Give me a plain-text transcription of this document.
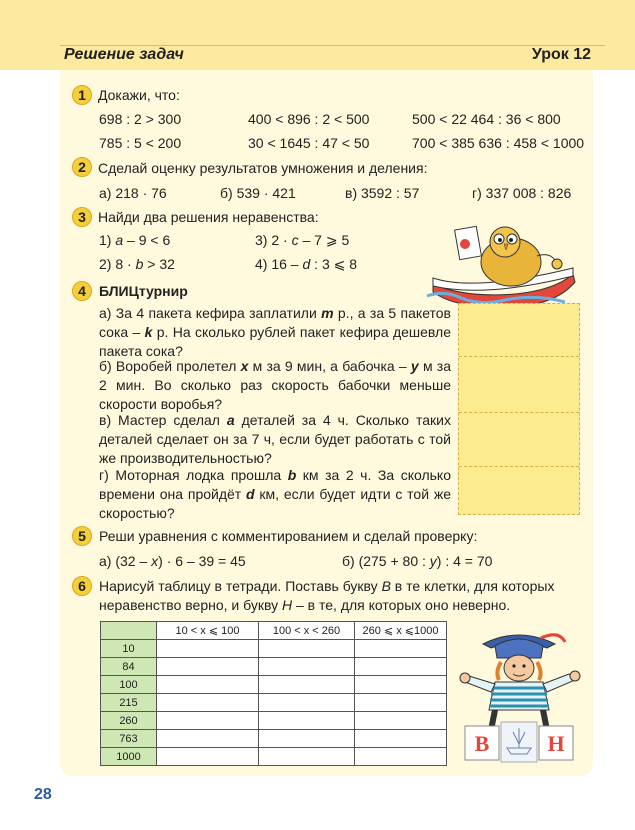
Решение задач	Урок 12
1 Докажи, что:
698 : 2 > 300	400 < 896 : 2 < 500	500 < 22 464 : 36 < 800
785 : 5 < 200	30 < 1645 : 47 < 50	700 < 385 636 : 458 < 1000
2 Сделай оценку результатов умножения и деления:
а) 218 · 76	б) 539 · 421	в) 3592 : 57	г) 337 008 : 826
3 Найди два решения неравенства:
1) a – 9 < 6
2) 8 · b > 32
3) 2 · c – 7 ⩾ 5
4) 16 – d : 3 ⩽ 8
4 БЛИЦтурнир
а) За 4 пакета кефира заплатили m р., а за 5 пакетов сока – k р. На сколько рублей пакет кефира дешевле пакета сока?
б) Воробей пролетел x м за 9 мин, а бабочка – y м за 2 мин. Во сколько раз скорость бабочки меньше скорости воробья?
в) Мастер сделал a деталей за 4 ч. Сколько таких деталей сделает он за 7 ч, если будет работать с той же производительностью?
г) Моторная лодка прошла b км за 2 ч. За сколько времени она пройдёт d км, если будет идти с той же скоростью?
5 Реши уравнения с комментированием и сделай проверку:
а) (32 – x) · 6 – 39 = 45	б) (275 + 80 : y) : 4 = 70
6 Нарисуй таблицу в тетради. Поставь букву В в те клетки, для которых
неравенство верно, и букву Н – в те, для которых оно неверно.
	10 < x ⩽ 100	100 < x < 260	260 ⩽ x ⩽1000
10			
84			
100			
215			
260			
763			
1000			
В	Н
28
